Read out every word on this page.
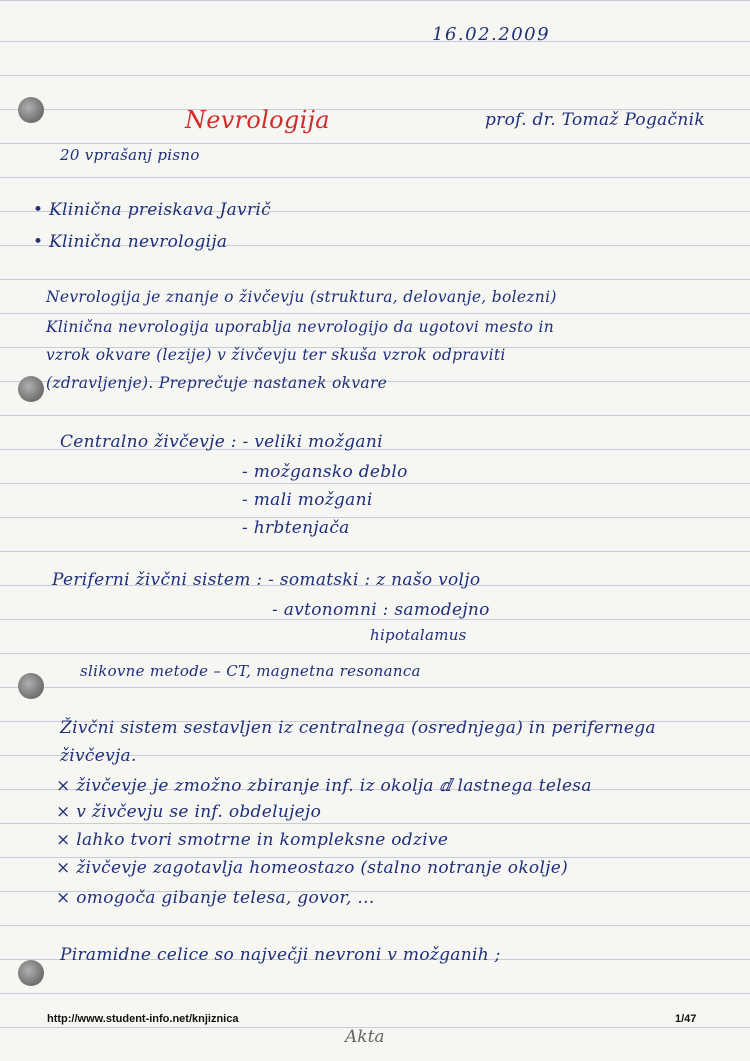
16.02.2009
Nevrologija	prof. dr. Tomaž Pogačnik
20 vprašanj pisno
• Klinična preiskava Javrič
• Klinična nevrologija
Nevrologija je znanje o živčevju (struktura, delovanje, bolezni)
Klinična nevrologija uporablja nevrologijo da ugotovi mesto in
vzrok okvare (lezije) v živčevju ter skuša vzrok odpraviti
(zdravljenje). Preprečuje nastanek okvare
Centralno živčevje : - veliki možgani
- možgansko deblo
- mali možgani
- hrbtenjača
Periferni živčni sistem : - somatski : z našo voljo
- avtonomni : samodejno
hipotalamus
slikovne metode – CT, magnetna resonanca
Živčni sistem sestavljen iz centralnega (osrednjega) in perifernega
živčevja.
× živčevje je zmožno zbiranje inf. iz okolja ⅆ lastnega telesa
× v živčevju se inf. obdelujejo
× lahko tvori smotrne in kompleksne odzive
× živčevje zagotavlja homeostazo (stalno notranje okolje)
× omogoča gibanje telesa, govor, ...
Piramidne celice so največji nevroni v možganih ;
http://www.student-info.net/knjiznica	1/47
Akta
